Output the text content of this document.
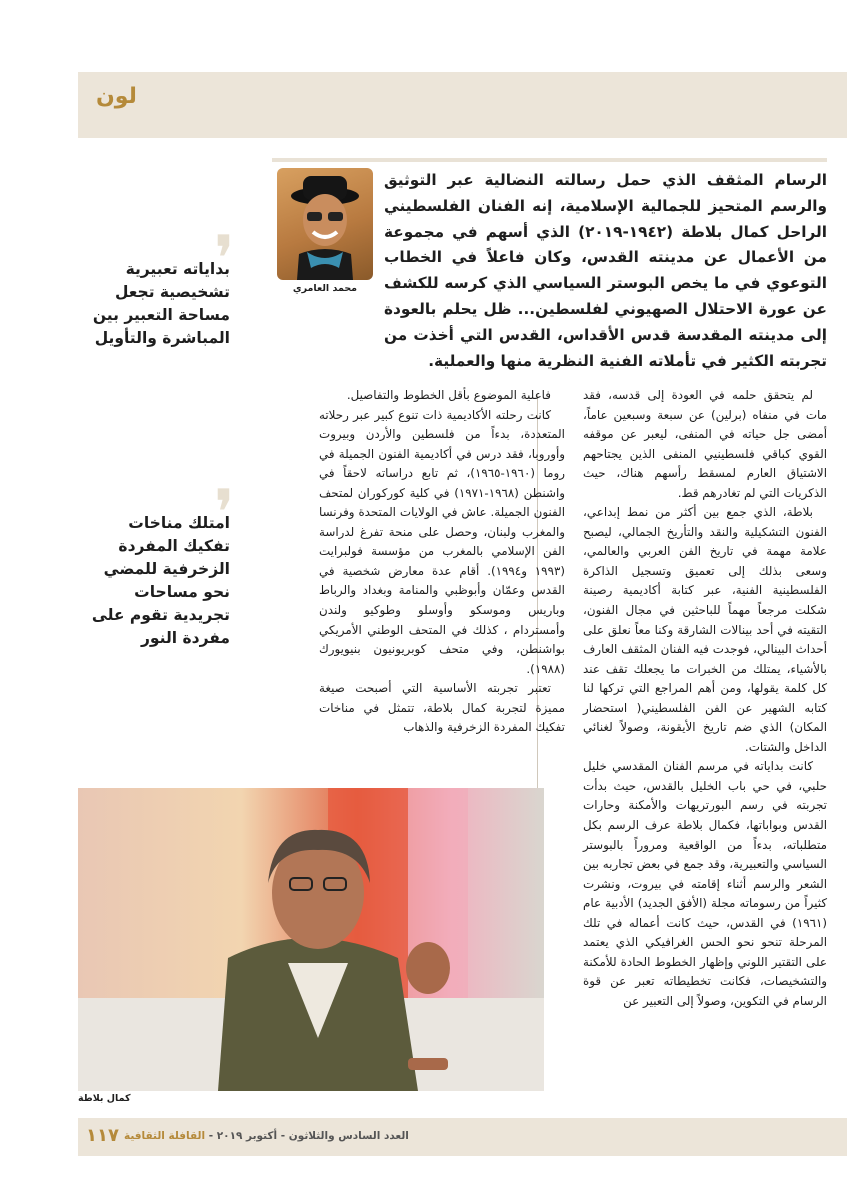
لون

الرسام المثقف الذي حمل رسالته النضالية عبر التوثيق والرسم المتحيز للجمالية الإسلامية، إنه الفنان الفلسطيني الراحل كمال بلاطة (١٩٤٢-٢٠١٩) الذي أسهم في مجموعة من الأعمال عن مدينته القدس، وكان فاعلاً في الخطاب التوعوي في ما يخص البوستر السياسي الذي كرسه للكشف عن عورة الاحتلال الصهيوني لفلسطين... ظل يحلم بالعودة إلى مدينته المقدسة قدس الأقداس، القدس التي أخذت من تجربته الكثير في تأملاته الفنية النظرية منها والعملية.

محمد العامري
❜
بداياته تعبيرية تشخيصية تجعل مساحة التعبير بين المباشرة والتأويل
❜
امتلك مناخات تفكيك المفردة الزخرفية للمضي نحو مساحات تجريدية تقوم على مفردة النور

لم يتحقق حلمه في العودة إلى قدسه، فقد مات في منفاه (برلين) عن سبعة وسبعين عاماً، أمضى جل حياته في المنفى، ليعبر عن موقفه القوي كباقي فلسطينيي المنفى الذين يجتاحهم الاشتياق العارم لمسقط رأسهم هناك، حيث الذكريات التي لم تغادرهم قط.

بلاطة، الذي جمع بين أكثر من نمط إبداعي، الفنون التشكيلية والنقد والتأريخ الجمالي، ليصبح علامة مهمة في تاريخ الفن العربي والعالمي، وسعى بذلك إلى تعميق وتسجيل الذاكرة الفلسطينية الفنية، عبر كتابة أكاديمية رصينة شكلت مرجعاً مهماً للباحثين في مجال الفنون، التقيته في أحد بينالات الشارقة وكنا معاً نعلق على أحداث البينالي، فوجدت فيه الفنان المثقف العارف بالأشياء، يمتلك من الخبرات ما يجعلك تقف عند كل كلمة يقولها، ومن أهم المراجع التي تركها لنا كتابه الشهير عن الفن الفلسطيني( استحضار المكان) الذي ضم تاريخ الأيقونة، وصولاً لغنائي الداخل والشتات.

كانت بداياته في مرسم الفنان المقدسي خليل حلبي، في حي باب الخليل بالقدس، حيث بدأت تجربته في رسم البورتريهات والأمكنة وحارات القدس وبواباتها، فكمال بلاطة عرف الرسم بكل متطلباته، بدءاً من الواقعية ومروراً بالبوستر السياسي والتعبيرية، وقد جمع في بعض تجاربه بين الشعر والرسم أثناء إقامته في بيروت، ونشرت كثيراً من رسوماته مجلة (الأفق الجديد) الأدبية عام (١٩٦١) في القدس، حيث كانت أعماله في تلك المرحلة تنحو نحو الحس الغرافيكي الذي يعتمد على التقتير اللوني وإظهار الخطوط الحادة للأمكنة والتشخيصات، فكانت تخطيطاته تعبر عن قوة الرسام في التكوين، وصولاً إلى التعبير عن

فاعلية الموضوع بأقل الخطوط والتفاصيل.

كانت رحلته الأكاديمية ذات تنوع كبير عبر رحلاته المتعددة، بدءاً من فلسطين والأردن وبيروت وأوروبا، فقد درس في أكاديمية الفنون الجميلة في روما (١٩٦٠-١٩٦٥)، ثم تابع دراساته لاحقاً في واشنطن (١٩٦٨-١٩٧١) في كلية كوركوران لمتحف الفنون الجميلة. عاش في الولايات المتحدة وفرنسا والمغرب ولبنان، وحصل على منحة تفرغ لدراسة الفن الإسلامي بالمغرب من مؤسسة فولبرايت (١٩٩٣ و١٩٩٤). أقام عدة معارض شخصية في القدس وعمّان وأبوظبي والمنامة وبغداد والرباط وباريس وموسكو وأوسلو وطوكيو ولندن وأمستردام ، كذلك في المتحف الوطني الأمريكي بواشنطن، وفي متحف كوبريونيون بنيويورك (١٩٨٨).

تعتبر تجربته الأساسية التي أصبحت صيغة مميزة لتجربة كمال بلاطة، تتمثل في مناخات تفكيك المفردة الزخرفية والذهاب

كمال بلاطة
١١٧	العدد السادس والثلاثون - أكتوبر ٢٠١٩ - القافلة الثقافية
